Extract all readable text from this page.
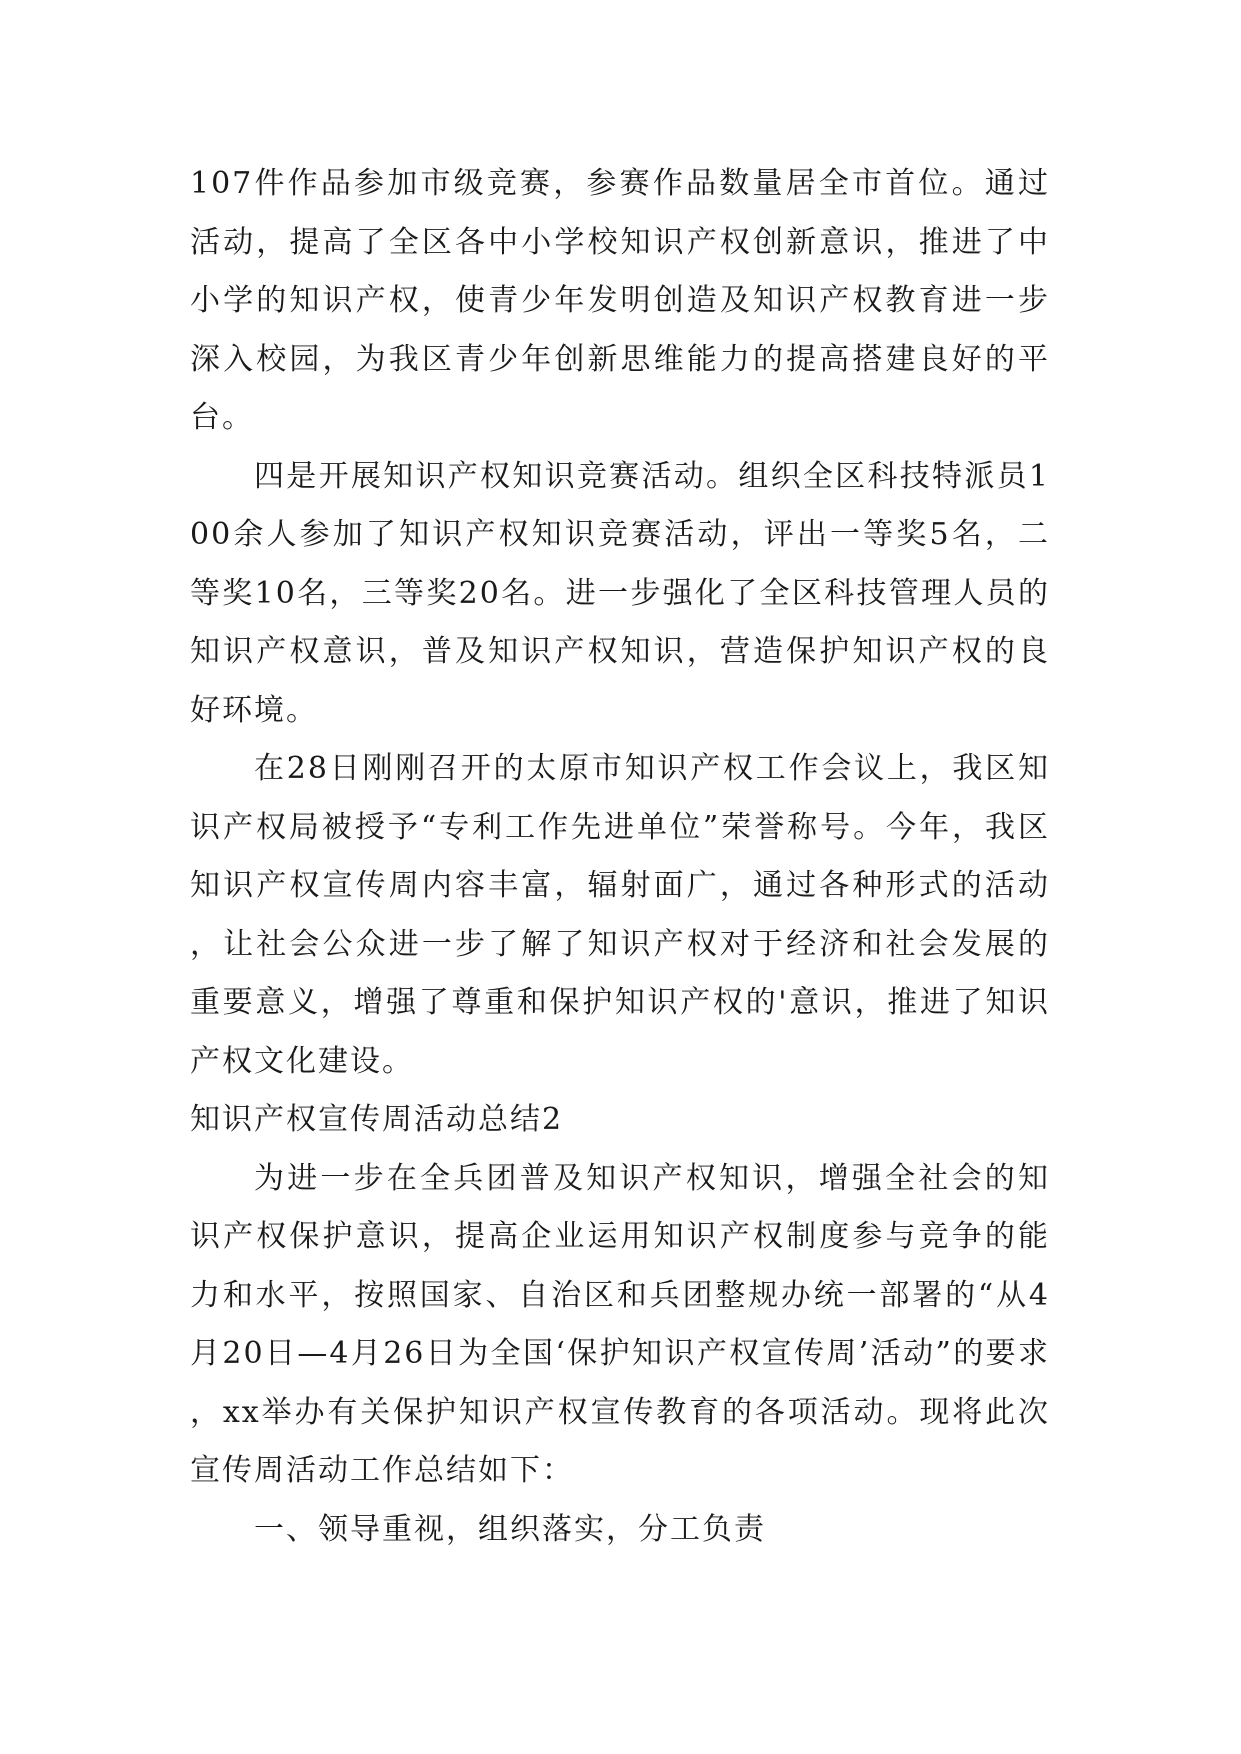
107件作品参加市级竞赛，参赛作品数量居全市首位。通过活动，提高了全区各中小学校知识产权创新意识，推进了中小学的知识产权，使青少年发明创造及知识产权教育进一步深入校园，为我区青少年创新思维能力的提高搭建良好的平台。

四是开展知识产权知识竞赛活动。组织全区科技特派员100余人参加了知识产权知识竞赛活动，评出一等奖5名，二等奖10名，三等奖20名。进一步强化了全区科技管理人员的知识产权意识，普及知识产权知识，营造保护知识产权的良好环境。

在28日刚刚召开的太原市知识产权工作会议上，我区知识产权局被授予“专利工作先进单位”荣誉称号。今年，我区知识产权宣传周内容丰富，辐射面广，通过各种形式的活动，让社会公众进一步了解了知识产权对于经济和社会发展的重要意义，增强了尊重和保护知识产权的'意识，推进了知识产权文化建设。

知识产权宣传周活动总结2

为进一步在全兵团普及知识产权知识，增强全社会的知识产权保护意识，提高企业运用知识产权制度参与竞争的能力和水平，按照国家、自治区和兵团整规办统一部署的“从4月20日—4月26日为全国‘保护知识产权宣传周’活动”的要求，xx举办有关保护知识产权宣传教育的各项活动。现将此次宣传周活动工作总结如下：

一、领导重视，组织落实，分工负责
